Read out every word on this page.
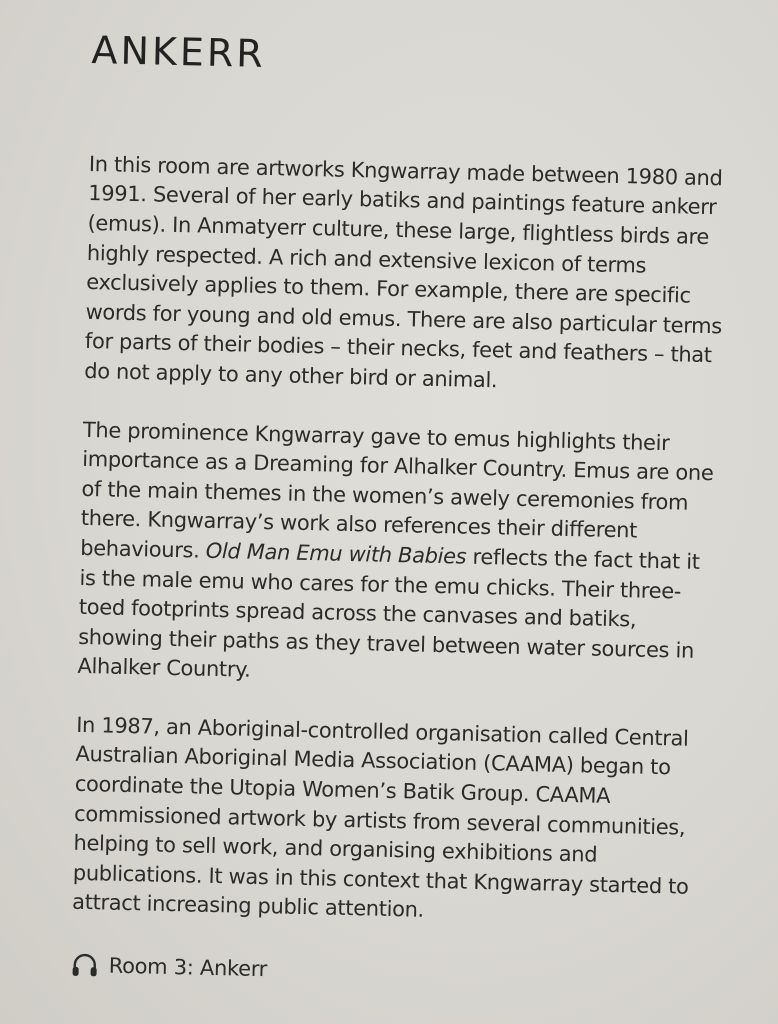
ANKERR

In this room are artworks Kngwarray made between 1980 and 1991. Several of her early batiks and paintings feature ankerr (emus). In Anmatyerr culture, these large, flightless birds are highly respected. A rich and extensive lexicon of terms exclusively applies to them. For example, there are specific words for young and old emus. There are also particular terms for parts of their bodies – their necks, feet and feathers – that do not apply to any other bird or animal.

The prominence Kngwarray gave to emus highlights their importance as a Dreaming for Alhalker Country. Emus are one of the main themes in the women’s awely ceremonies from there. Kngwarray’s work also references their different behaviours. Old Man Emu with Babies reflects the fact that it is the male emu who cares for the emu chicks. Their three-toed footprints spread across the canvases and batiks, showing their paths as they travel between water sources in Alhalker Country.

In 1987, an Aboriginal-controlled organisation called Central Australian Aboriginal Media Association (CAAMA) began to coordinate the Utopia Women’s Batik Group. CAAMA commissioned artwork by artists from several communities, helping to sell work, and organising exhibitions and publications. It was in this context that Kngwarray started to attract increasing public attention.

Room 3: Ankerr
